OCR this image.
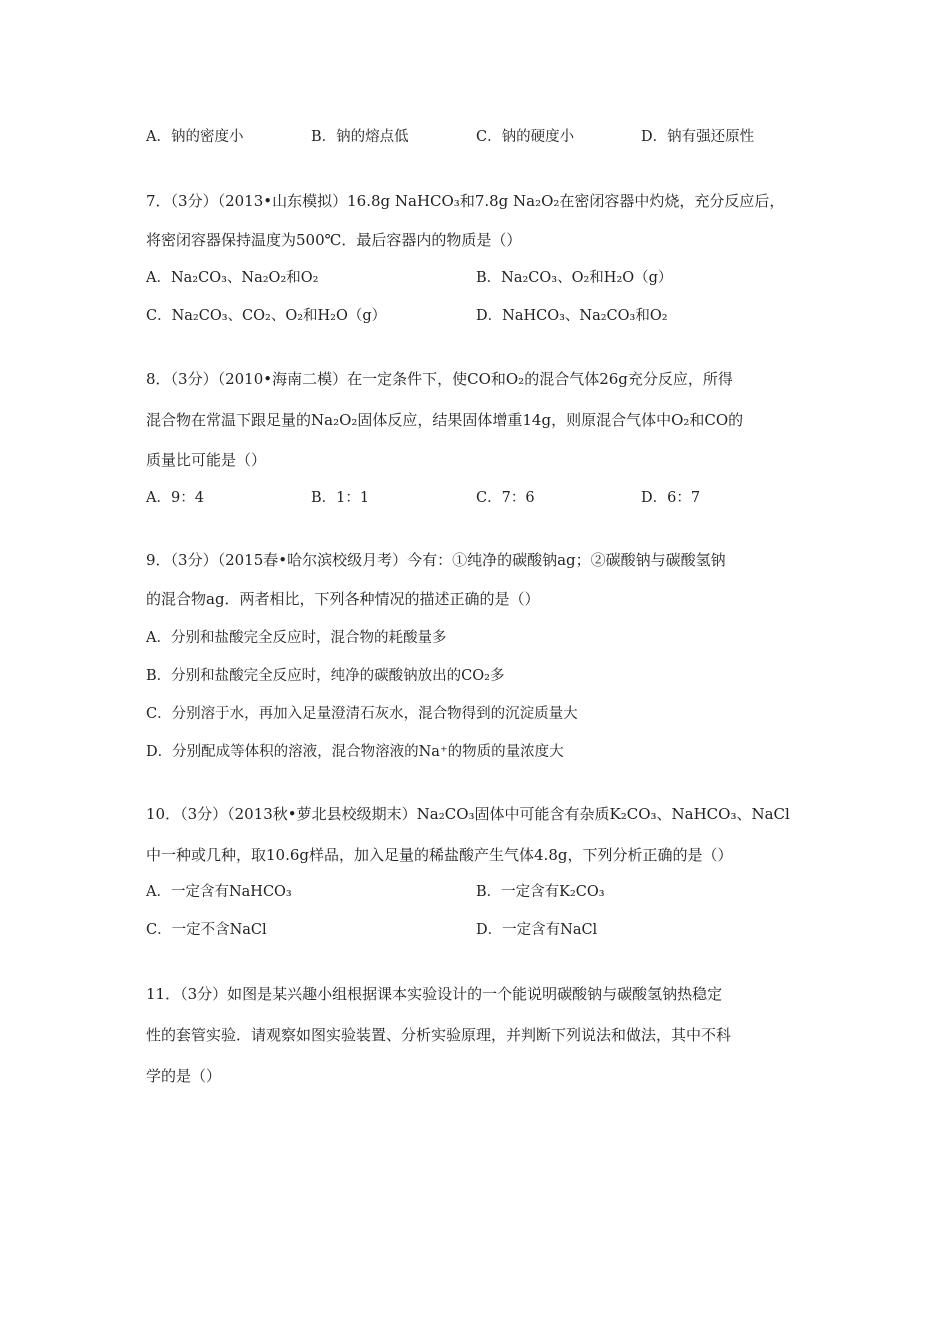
A．钠的密度小	B．钠的熔点低	C．钠的硬度小	D．钠有强还原性
7．（3分）（2013•山东模拟）16.8g NaHCO₃和7.8g Na₂O₂在密闭容器中灼烧，充分反应后，
将密闭容器保持温度为500℃．最后容器内的物质是（）
A．Na₂CO₃、Na₂O₂和O₂	B．Na₂CO₃、O₂和H₂O（g）
C．Na₂CO₃、CO₂、O₂和H₂O（g）	D．NaHCO₃、Na₂CO₃和O₂
8．（3分）（2010•海南二模）在一定条件下，使CO和O₂的混合气体26g充分反应，所得
混合物在常温下跟足量的Na₂O₂固体反应，结果固体增重14g，则原混合气体中O₂和CO的
质量比可能是（）
A．9：4	B．1：1	C．7：6	D．6：7
9．（3分）（2015春•哈尔滨校级月考）今有：①纯净的碳酸钠ag；②碳酸钠与碳酸氢钠
的混合物ag．两者相比，下列各种情况的描述正确的是（）
A．分别和盐酸完全反应时，混合物的耗酸量多
B．分别和盐酸完全反应时，纯净的碳酸钠放出的CO₂多
C．分别溶于水，再加入足量澄清石灰水，混合物得到的沉淀质量大
D．分别配成等体积的溶液，混合物溶液的Na⁺的物质的量浓度大
10．（3分）（2013秋•萝北县校级期末）Na₂CO₃固体中可能含有杂质K₂CO₃、NaHCO₃、NaCl
中一种或几种，取10.6g样品，加入足量的稀盐酸产生气体4.8g，下列分析正确的是（）
A．一定含有NaHCO₃	B．一定含有K₂CO₃
C．一定不含NaCl	D．一定含有NaCl
11．（3分）如图是某兴趣小组根据课本实验设计的一个能说明碳酸钠与碳酸氢钠热稳定
性的套管实验．请观察如图实验装置、分析实验原理，并判断下列说法和做法，其中不科
学的是（）
